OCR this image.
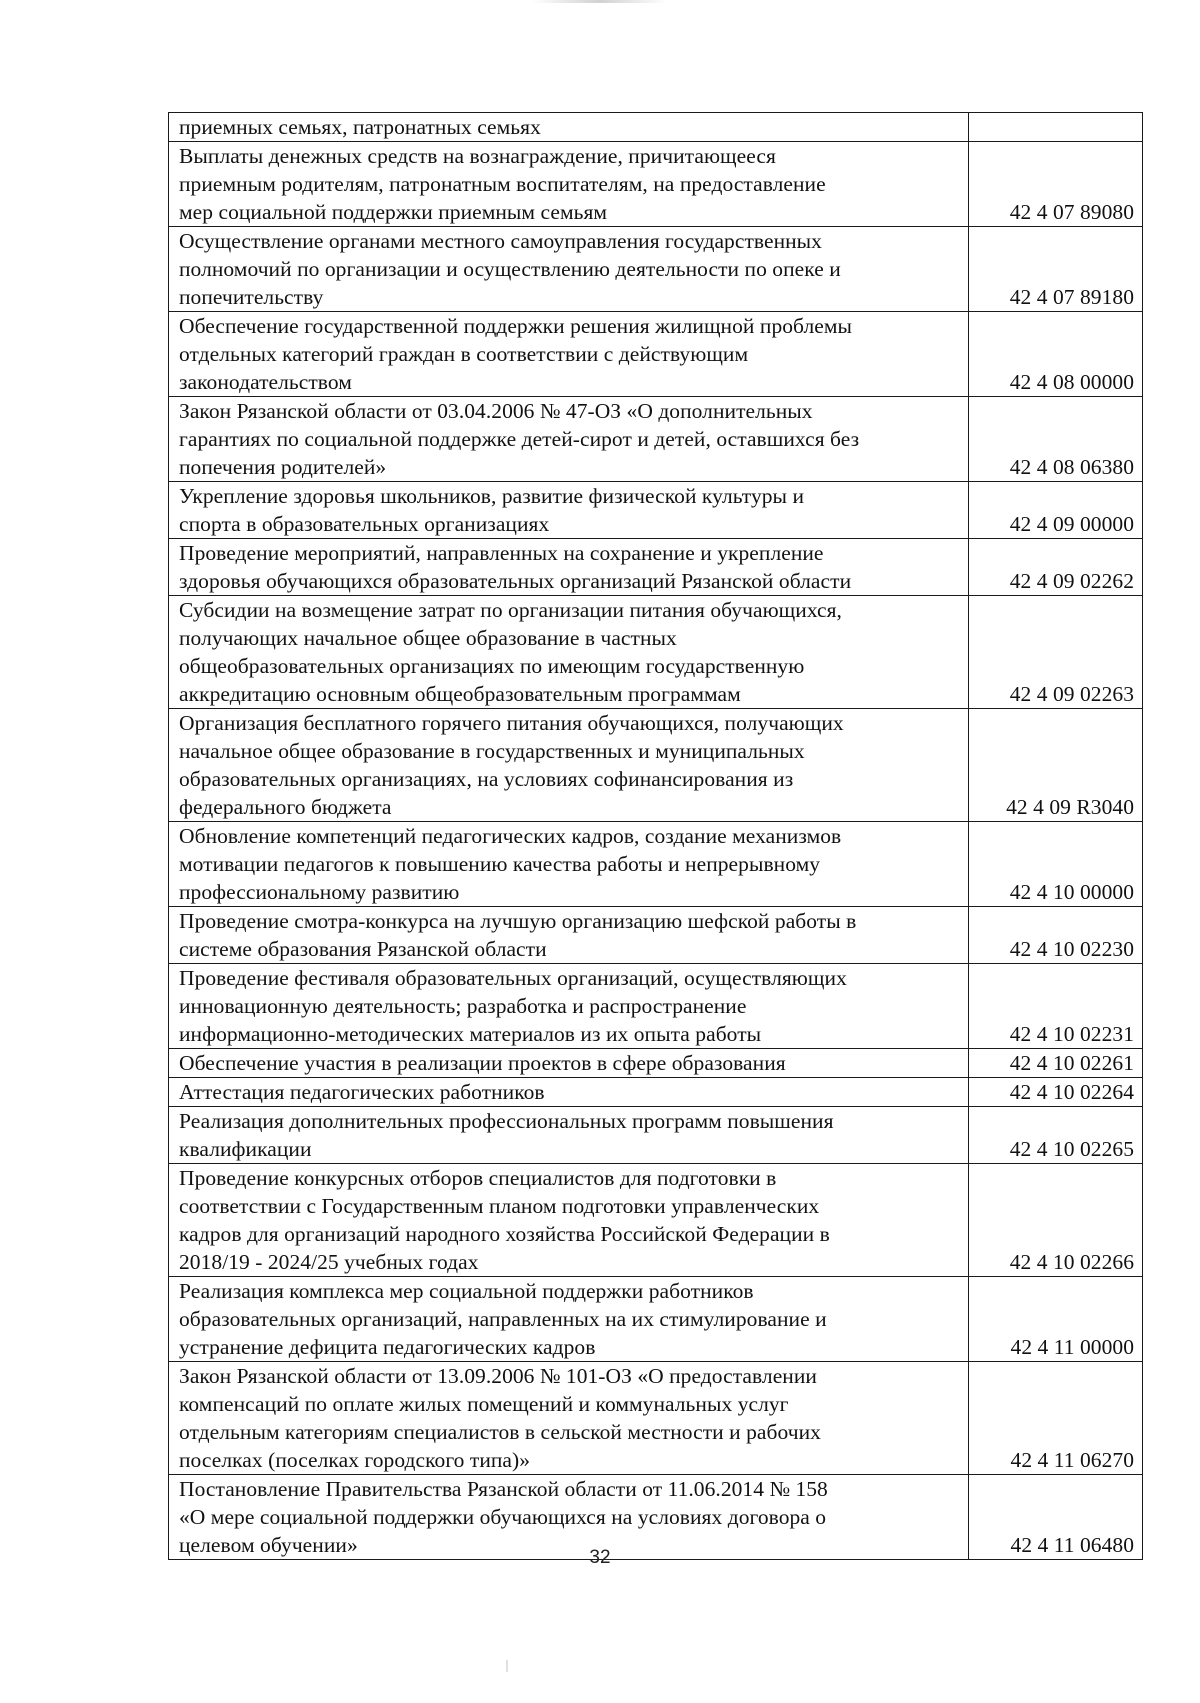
приемных семьях, патронатных семьях	

Выплаты денежных средств на вознаграждение, причитающееся
приемным родителям, патронатным воспитателям, на предоставление
мер социальной поддержки приемным семьям	42 4 07 89080

Осуществление органами местного самоуправления государственных
полномочий по организации и осуществлению деятельности по опеке и
попечительству	42 4 07 89180

Обеспечение государственной поддержки решения жилищной проблемы
отдельных категорий граждан в соответствии с действующим
законодательством	42 4 08 00000

Закон Рязанской области от 03.04.2006 № 47-ОЗ «О дополнительных
гарантиях по социальной поддержке детей-сирот и детей, оставшихся без
попечения родителей»	42 4 08 06380

Укрепление здоровья школьников, развитие физической культуры и
спорта в образовательных организациях	42 4 09 00000

Проведение мероприятий, направленных на сохранение и укрепление
здоровья обучающихся образовательных организаций Рязанской области	42 4 09 02262

Субсидии на возмещение затрат по организации питания обучающихся,
получающих начальное общее образование в частных
общеобразовательных организациях по имеющим государственную
аккредитацию основным общеобразовательным программам	42 4 09 02263

Организация бесплатного горячего питания обучающихся, получающих
начальное общее образование в государственных и муниципальных
образовательных организациях, на условиях софинансирования из
федерального бюджета	42 4 09 R3040

Обновление компетенций педагогических кадров, создание механизмов
мотивации педагогов к повышению качества работы и непрерывному
профессиональному развитию	42 4 10 00000

Проведение смотра-конкурса на лучшую организацию шефской работы в
системе образования Рязанской области	42 4 10 02230

Проведение фестиваля образовательных организаций, осуществляющих
инновационную деятельность; разработка и распространение
информационно-методических материалов из их опыта работы	42 4 10 02231

Обеспечение участия в реализации проектов в сфере образования	42 4 10 02261

Аттестация педагогических работников	42 4 10 02264

Реализация дополнительных профессиональных программ повышения
квалификации	42 4 10 02265

Проведение конкурсных отборов специалистов для подготовки в
соответствии с Государственным планом подготовки управленческих
кадров для организаций народного хозяйства Российской Федерации в
2018/19 - 2024/25 учебных годах	42 4 10 02266

Реализация комплекса мер социальной поддержки работников
образовательных организаций, направленных на их стимулирование и
устранение дефицита педагогических кадров	42 4 11 00000

Закон Рязанской области от 13.09.2006 № 101-ОЗ «О предоставлении
компенсаций по оплате жилых помещений и коммунальных услуг
отдельным категориям специалистов в сельской местности и рабочих
поселках (поселках городского типа)»	42 4 11 06270

Постановление Правительства Рязанской области от 11.06.2014 № 158
«О мере социальной поддержки обучающихся на условиях договора о
целевом обучении»	42 4 11 06480
32
